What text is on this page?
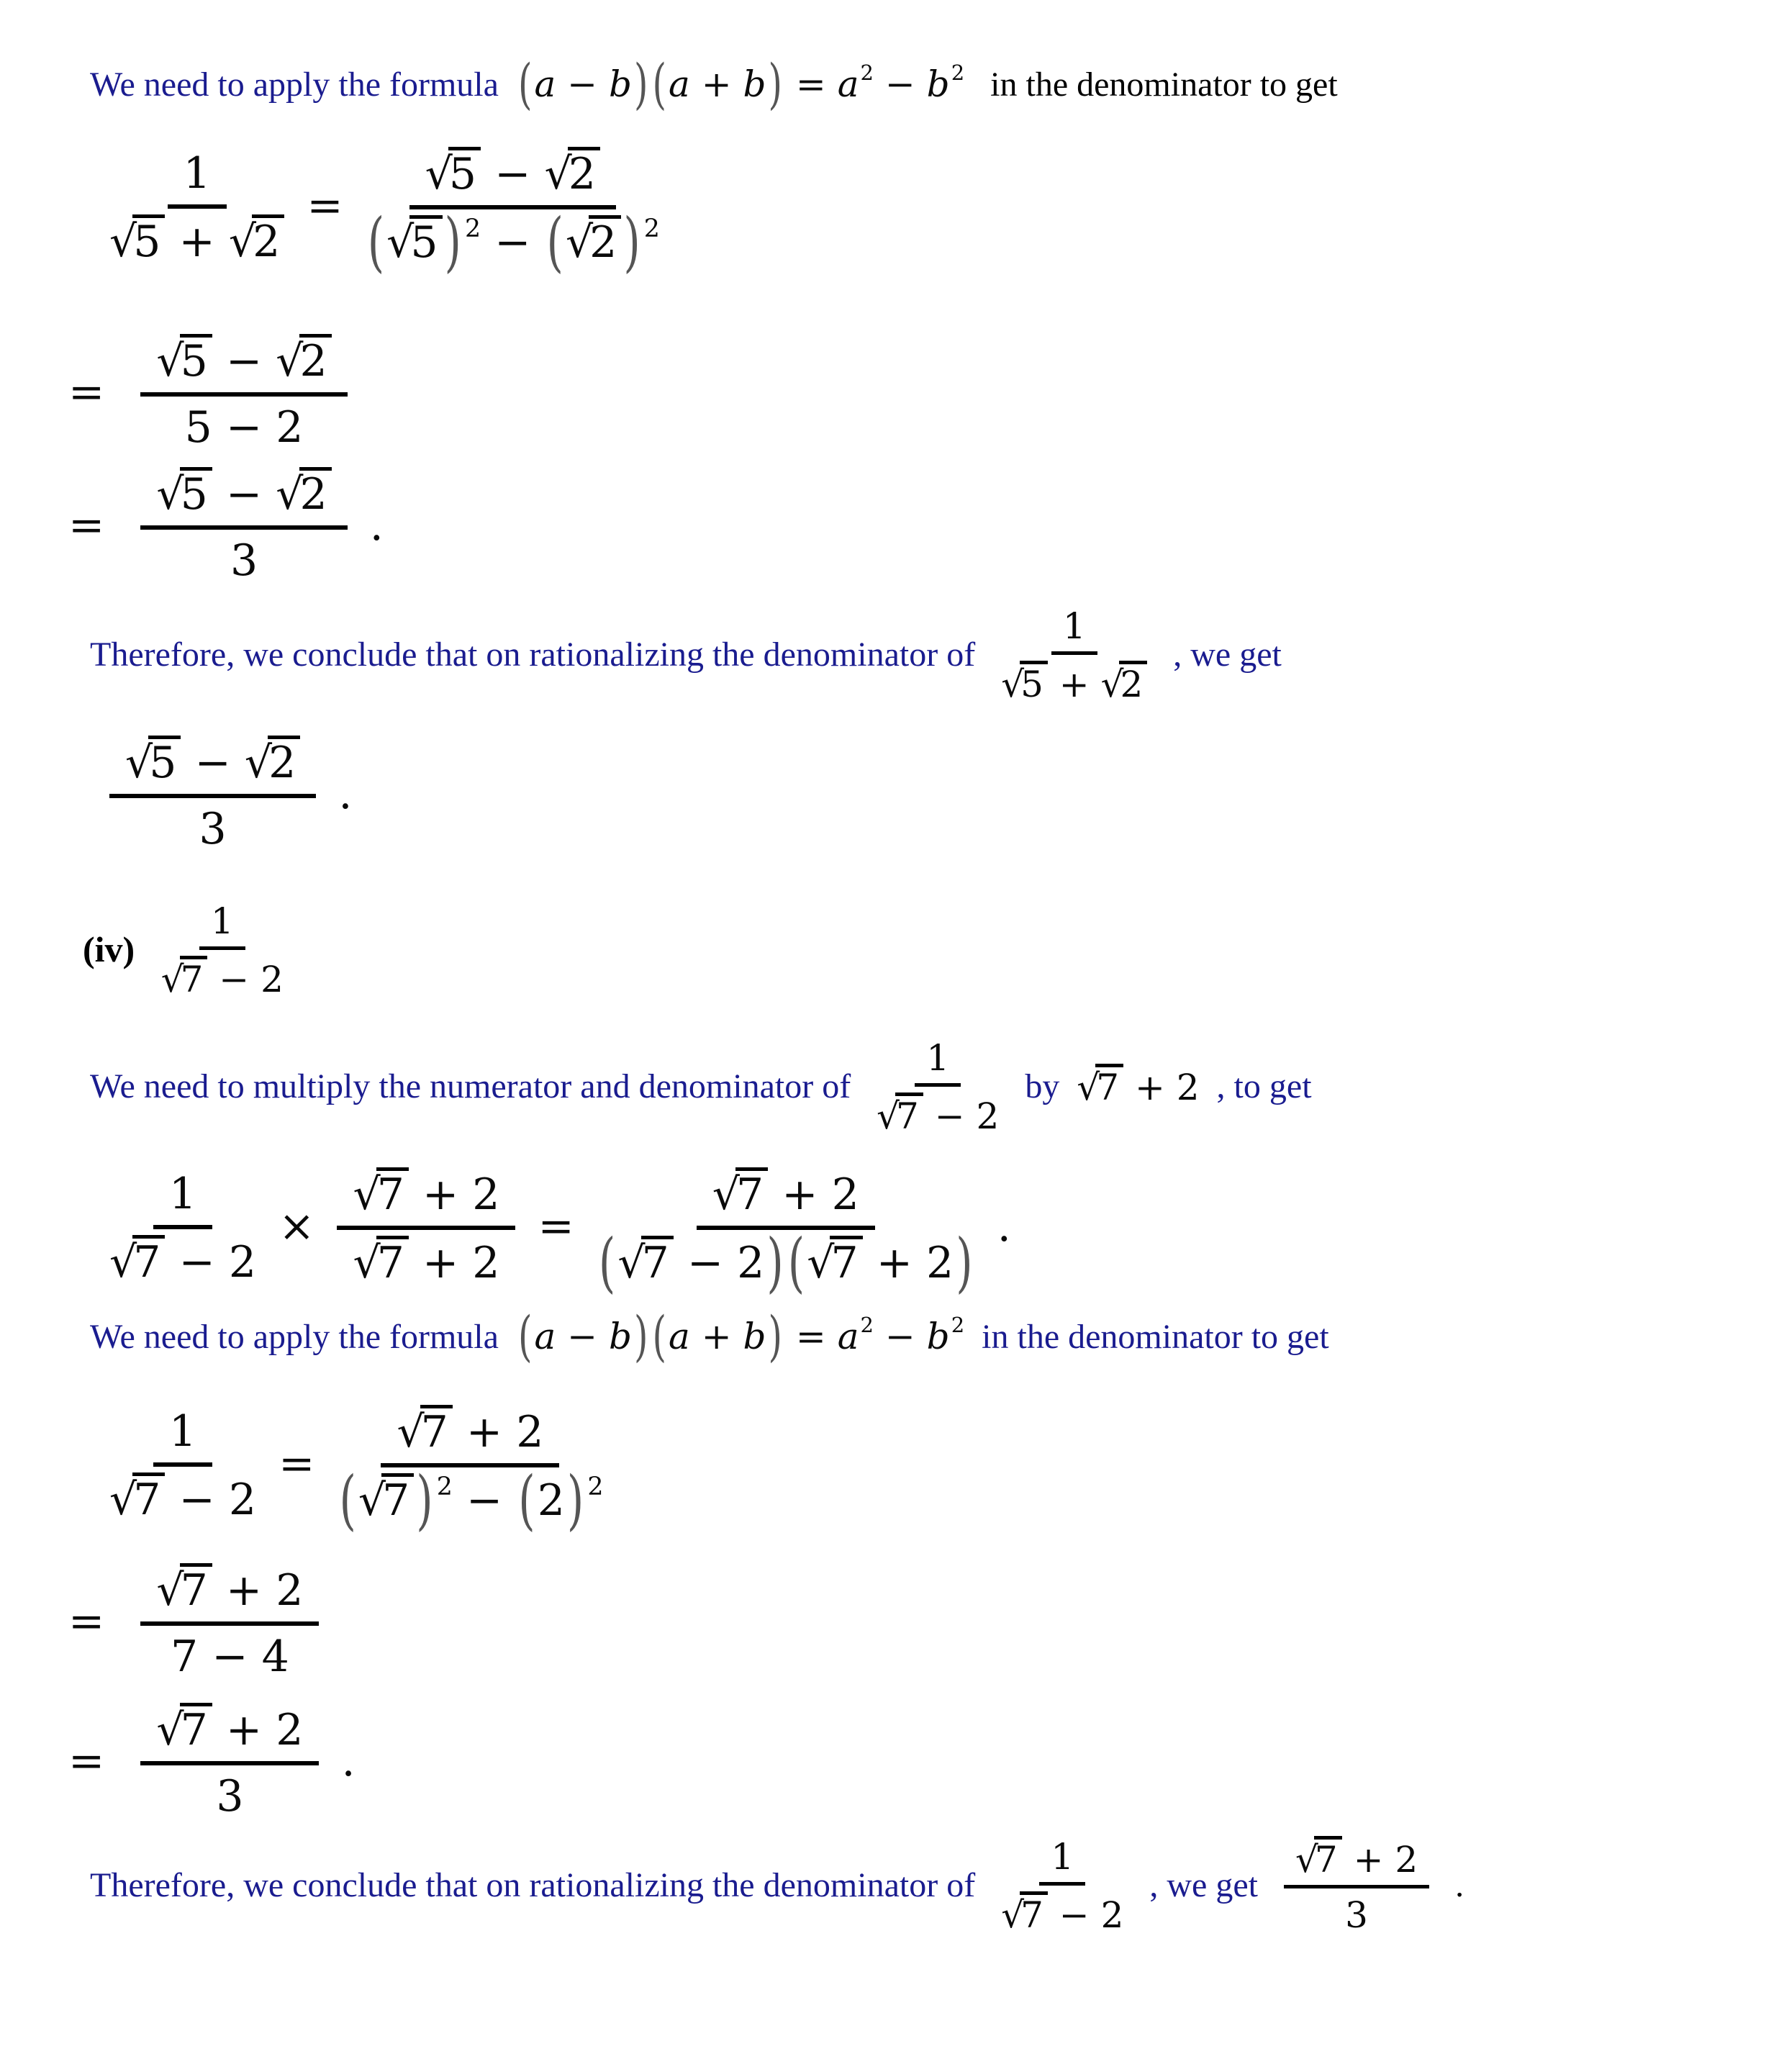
We need to apply the formula ( a − b ) ( a + b ) = a 2 − b 2 in the denominator to get
1
√
5 + √
2 = √
5 − √
2
( √
5 ) 2 − ( √
2 ) 2
= √
5 − √
2
5 − 2
= √
5 − √
2
3 .
Therefore, we conclude that on rationalizing the denominator of 1
√
5 + √
2 , we get
√
5 − √
2
3 .
(iv) 1
√
7 − 2
We need to multiply the numerator and denominator of 1
√
7 − 2 by √
7 + 2 , to get
1
√
7 − 2 × √
7 + 2
√
7 + 2 = √
7 + 2
( √
7 − 2 ) ( √
7 + 2 ) .
We need to apply the formula ( a − b ) ( a + b ) = a 2 − b 2 in the denominator to get
1
√
7 − 2 = √
7 + 2
( √
7 ) 2 − ( 2 ) 2
= √
7 + 2
7 − 4
= √
7 + 2
3 .
Therefore, we conclude that on rationalizing the denominator of 1
√
7 − 2 , we get √
7 + 2
3 .
